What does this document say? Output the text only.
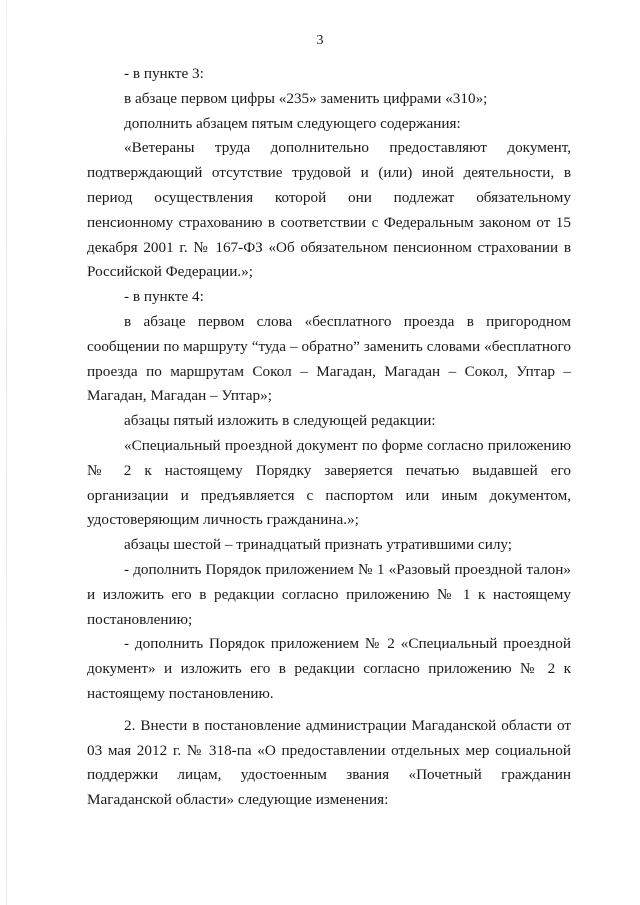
3

- в пункте 3:

в абзаце первом цифры «235» заменить цифрами «310»;

дополнить абзацем пятым следующего содержания:

«Ветераны труда дополнительно предоставляют документ, подтверждающий отсутствие трудовой и (или) иной деятельности, в период осуществления которой они подлежат обязательному пенсионному страхованию в соответствии с Федеральным законом от 15 декабря 2001 г. № 167-ФЗ «Об обязательном пенсионном страховании в Российской Федерации.»;

- в пункте 4:

в абзаце первом слова «бесплатного проезда в пригородном сообщении по маршруту “туда – обратно” заменить словами «бесплатного проезда по маршрутам Сокол – Магадан, Магадан – Сокол, Уптар – Магадан, Магадан – Уптар»;

абзацы пятый изложить в следующей редакции:

«Специальный проездной документ по форме согласно приложению № 2 к настоящему Порядку заверяется печатью выдавшей его организации и предъявляется с паспортом или иным документом, удостоверяющим личность гражданина.»;

абзацы шестой – тринадцатый признать утратившими силу;

- дополнить Порядок приложением № 1 «Разовый проездной талон» и изложить его в редакции согласно приложению № 1 к настоящему постановлению;

- дополнить Порядок приложением № 2 «Специальный проездной документ» и изложить его в редакции согласно приложению № 2 к настоящему постановлению.

2. Внести в постановление администрации Магаданской области от 03 мая 2012 г. № 318-па «О предоставлении отдельных мер социальной поддержки лицам, удостоенным звания «Почетный гражданин Магаданской области» следующие изменения:
